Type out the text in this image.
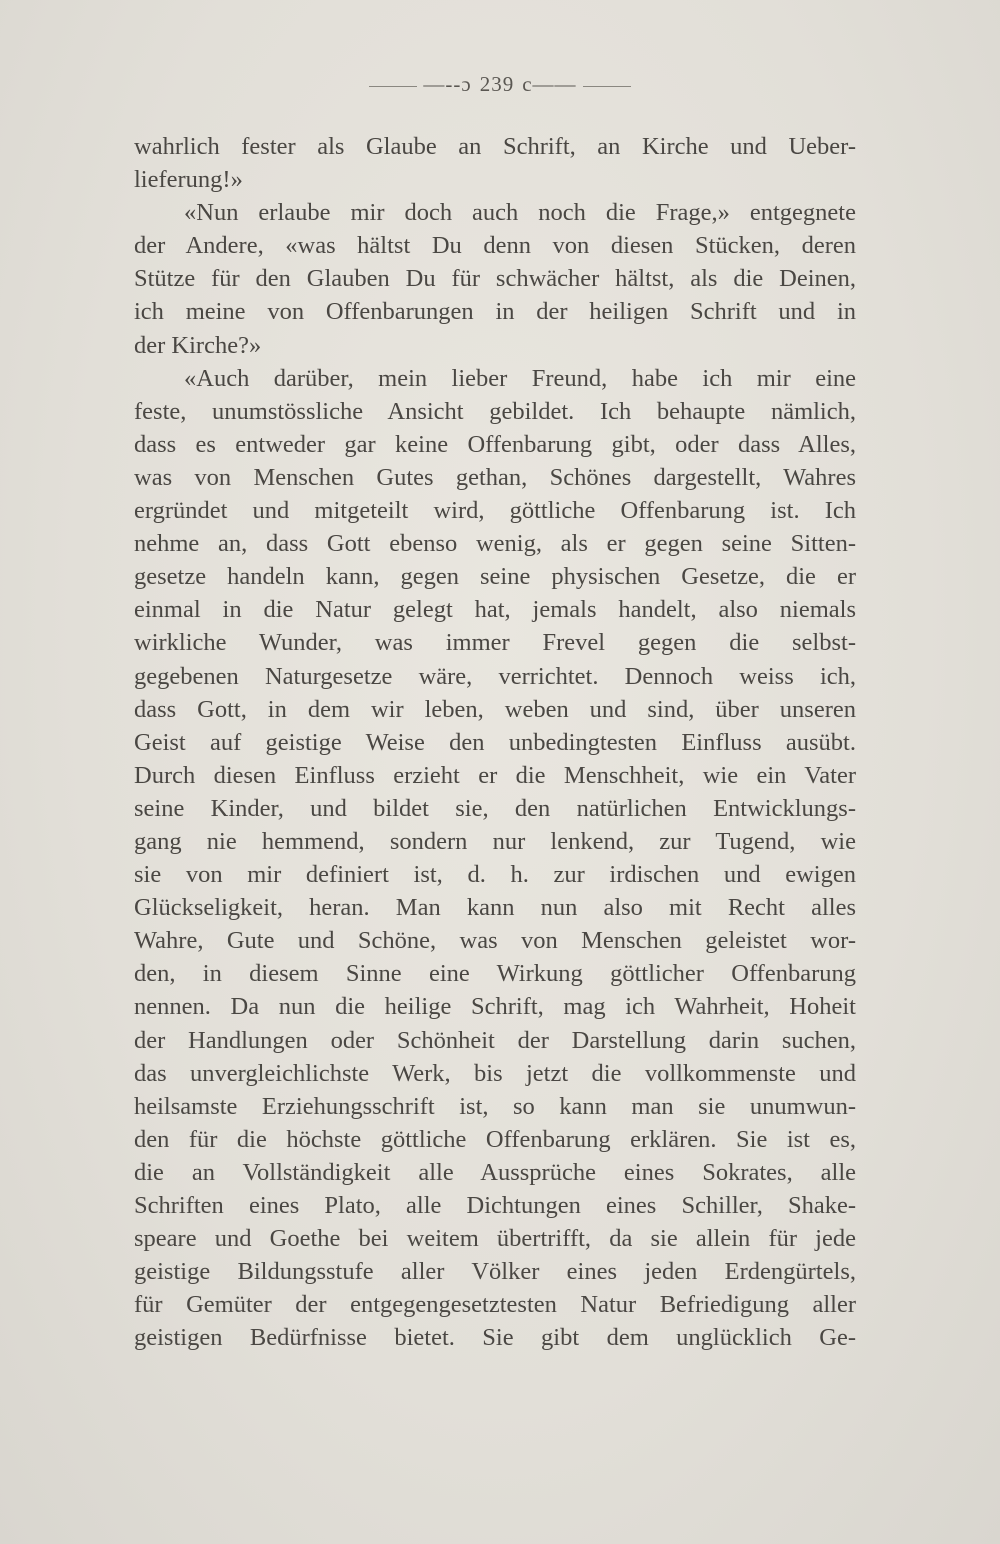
—‑‑ɔ 239 c——
wahrlich fester als Glaube an Schrift, an Kirche und Ueber-
lieferung!»
«Nun erlaube mir doch auch noch die Frage,» entgegnete
der Andere, «was hältst Du denn von diesen Stücken, deren
Stütze für den Glauben Du für schwächer hältst, als die Deinen,
ich meine von Offenbarungen in der heiligen Schrift und in
der Kirche?»
«Auch darüber, mein lieber Freund, habe ich mir eine
feste, unumstössliche Ansicht gebildet. Ich behaupte nämlich,
dass es entweder gar keine Offenbarung gibt, oder dass Alles,
was von Menschen Gutes gethan, Schönes dargestellt, Wahres
ergründet und mitgeteilt wird, göttliche Offenbarung ist. Ich
nehme an, dass Gott ebenso wenig, als er gegen seine Sitten-
gesetze handeln kann, gegen seine physischen Gesetze, die er
einmal in die Natur gelegt hat, jemals handelt, also niemals
wirkliche Wunder, was immer Frevel gegen die selbst-
gegebenen Naturgesetze wäre, verrichtet. Dennoch weiss ich,
dass Gott, in dem wir leben, weben und sind, über unseren
Geist auf geistige Weise den unbedingtesten Einfluss ausübt.
Durch diesen Einfluss erzieht er die Menschheit, wie ein Vater
seine Kinder, und bildet sie, den natürlichen Entwicklungs-
gang nie hemmend, sondern nur lenkend, zur Tugend, wie
sie von mir definiert ist, d. h. zur irdischen und ewigen
Glückseligkeit, heran. Man kann nun also mit Recht alles
Wahre, Gute und Schöne, was von Menschen geleistet wor-
den, in diesem Sinne eine Wirkung göttlicher Offenbarung
nennen. Da nun die heilige Schrift, mag ich Wahrheit, Hoheit
der Handlungen oder Schönheit der Darstellung darin suchen,
das unvergleichlichste Werk, bis jetzt die vollkommenste und
heilsamste Erziehungsschrift ist, so kann man sie unumwun-
den für die höchste göttliche Offenbarung erklären. Sie ist es,
die an Vollständigkeit alle Aussprüche eines Sokrates, alle
Schriften eines Plato, alle Dichtungen eines Schiller, Shake-
speare und Goethe bei weitem übertrifft, da sie allein für jede
geistige Bildungsstufe aller Völker eines jeden Erdengürtels,
für Gemüter der entgegengesetztesten Natur Befriedigung aller
geistigen Bedürfnisse bietet. Sie gibt dem unglücklich Ge-
